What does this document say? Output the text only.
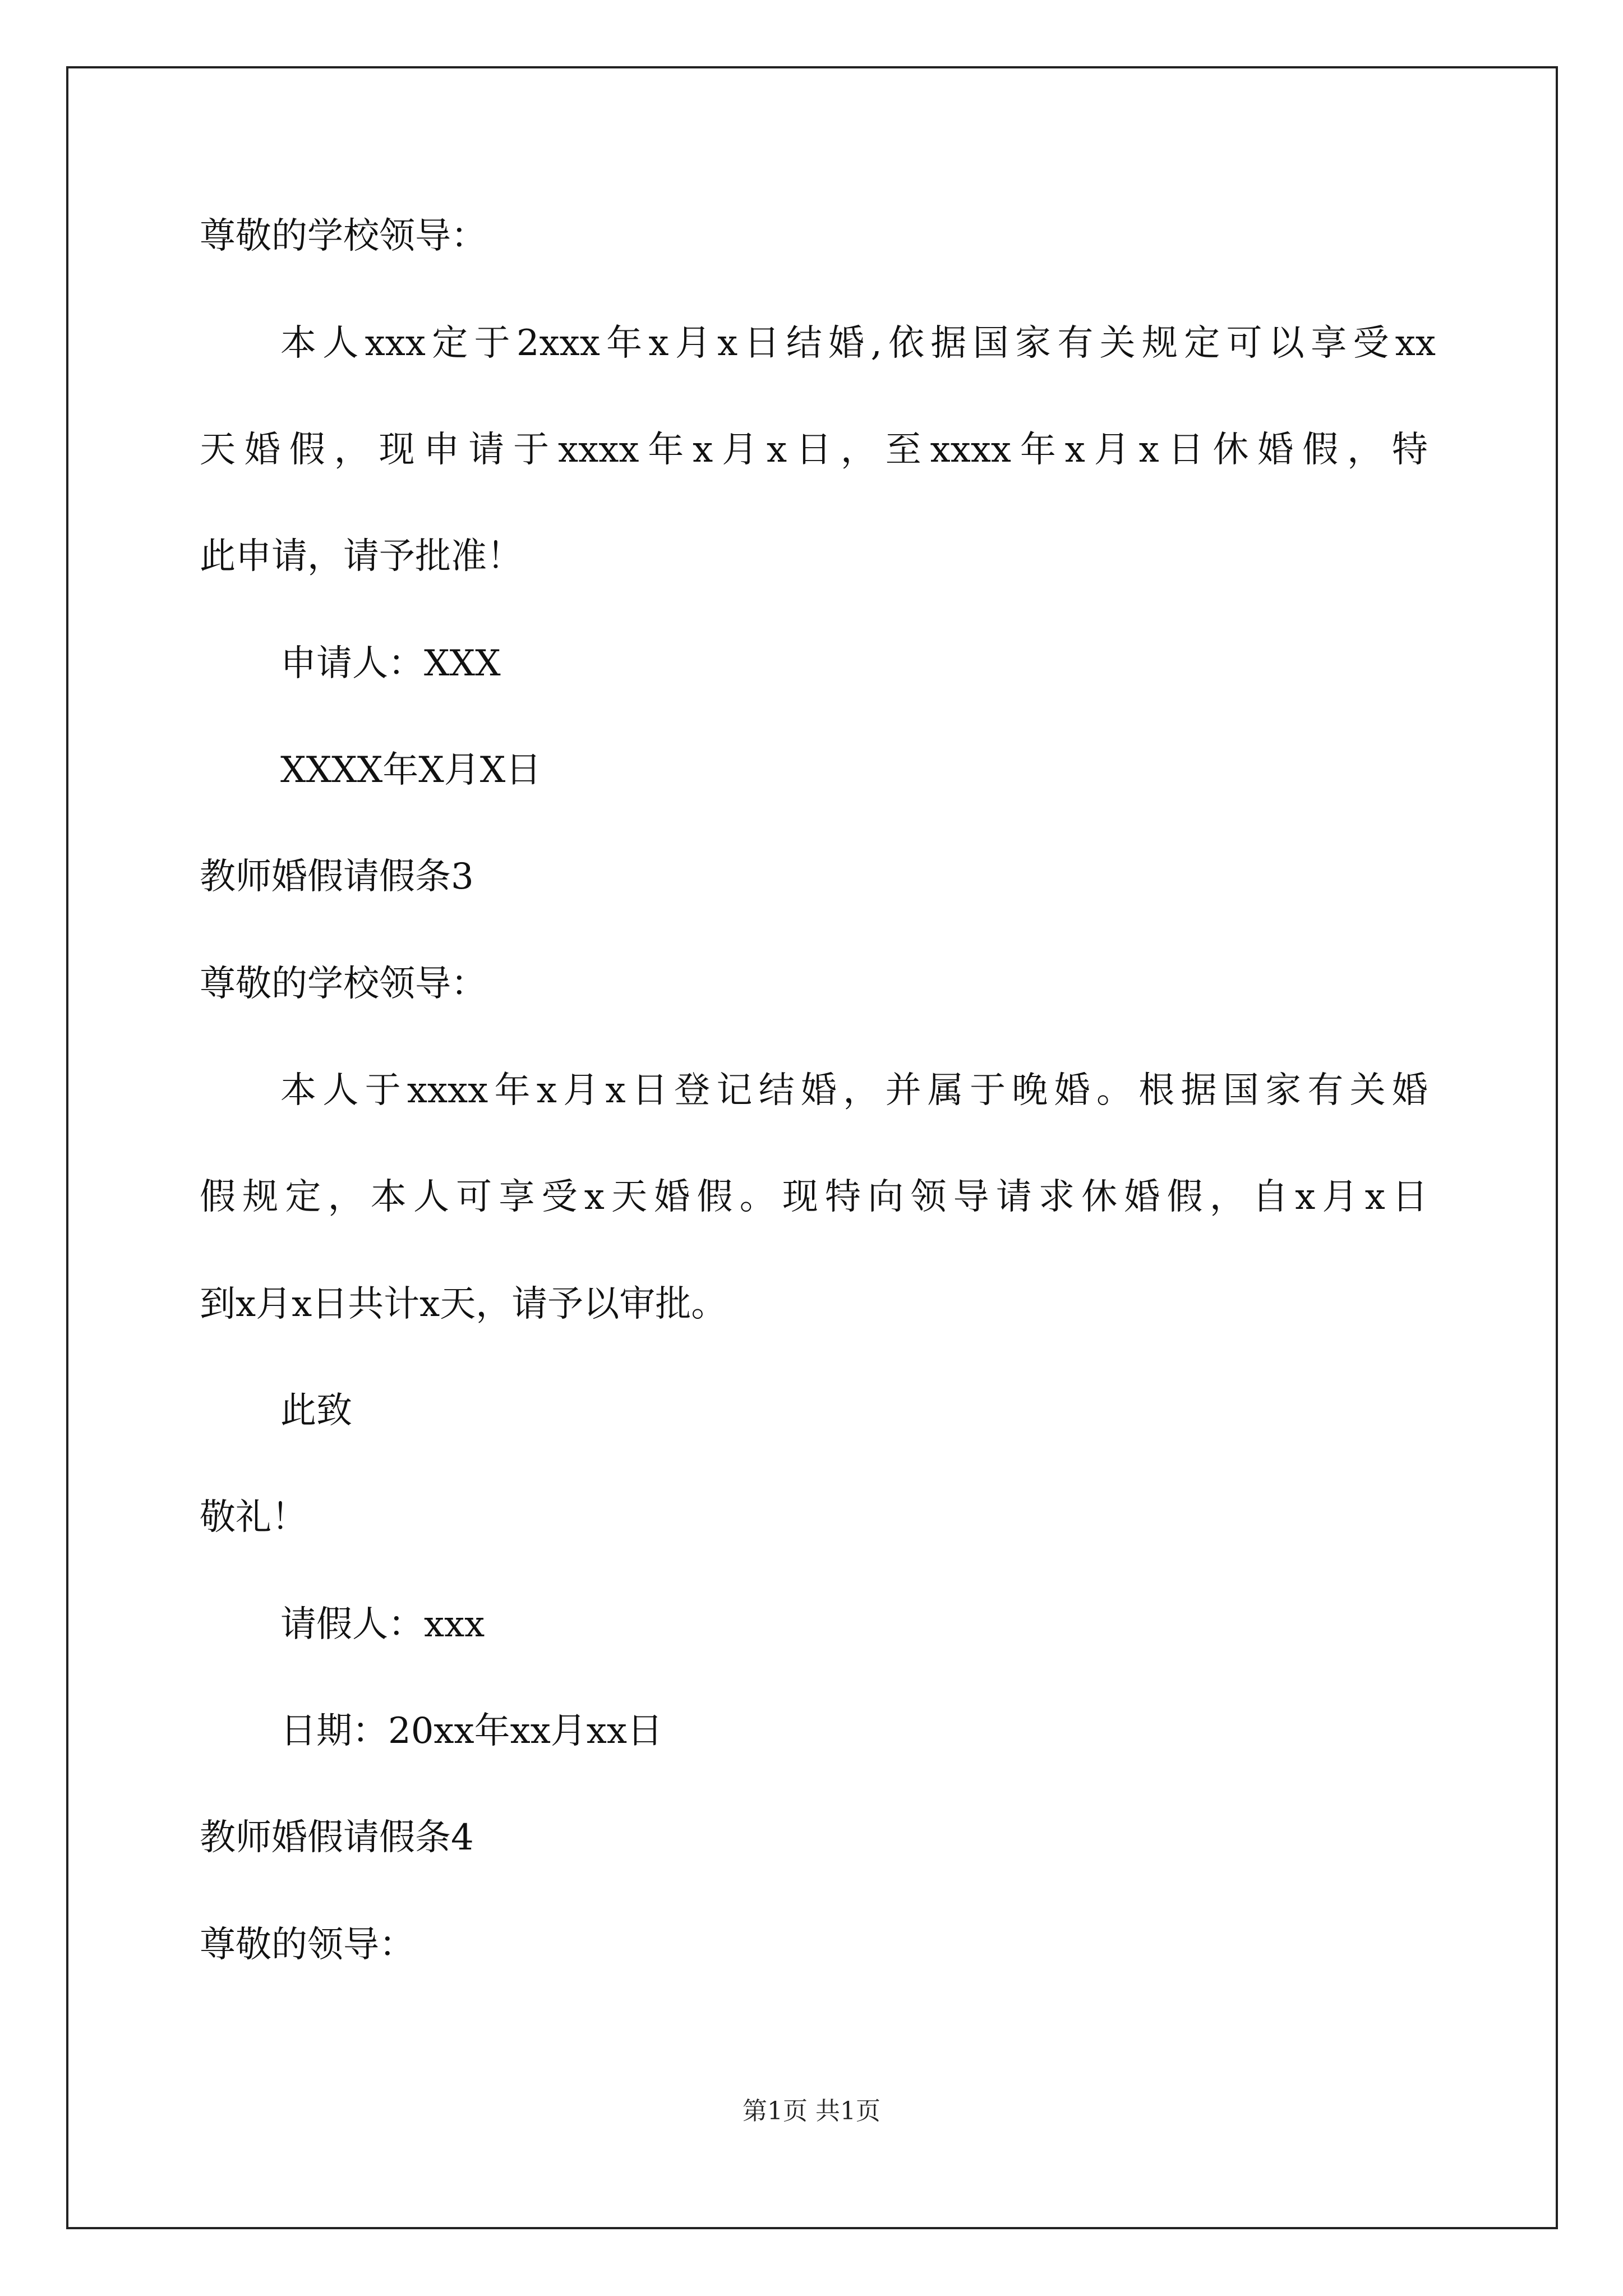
尊敬的学校领导：
本人xxx定于2xxx年x月x日结婚,依据国家有关规定可以享受xx
天婚假，现申请于xxxx年x月x日，至xxxx年x月x日休婚假，特
此申请，请予批准！
申请人：XXX
XXXX年X月X日
教师婚假请假条3
尊敬的学校领导：
本人于xxxx年x月x日登记结婚，并属于晚婚。根据国家有关婚
假规定，本人可享受x天婚假。现特向领导请求休婚假，自x月x日
到x月x日共计x天，请予以审批。
此致
敬礼！
请假人：xxx
日期：20xx年xx月xx日
教师婚假请假条4
尊敬的领导：
第1页 共1页
